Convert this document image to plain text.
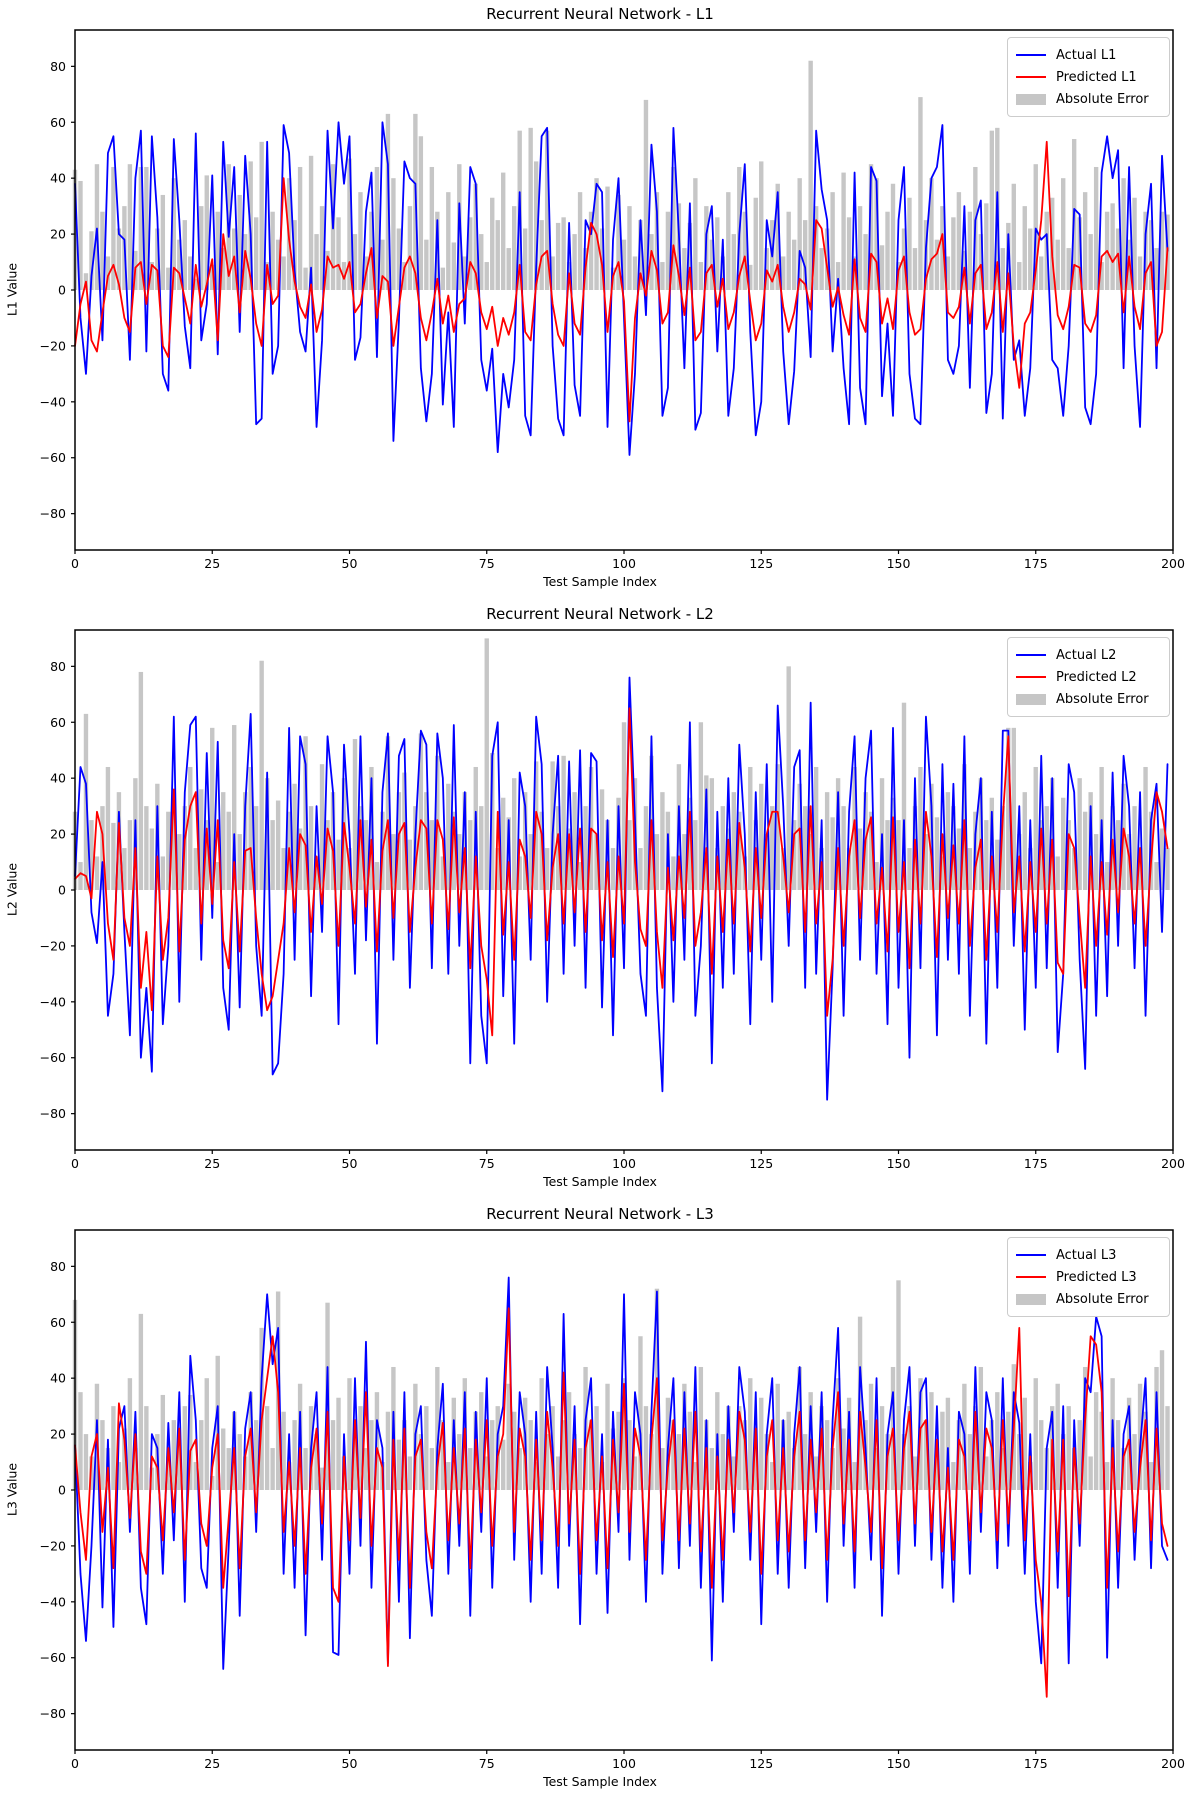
Recurrent Neural Network - L1
L1 Value
−80
−60
−40
−20
0
20
40
60
80
0	25	50	75	100	125	150	175	200
Actual L1
Predicted L1
Absolute Error
Test Sample Index
Recurrent Neural Network - L2
L2 Value
−80
−60
−40
−20
0
20
40
60
80
0	25	50	75	100	125	150	175	200
Actual L2
Predicted L2
Absolute Error
Test Sample Index
Recurrent Neural Network - L3
L3 Value
−80
−60
−40
−20
0
20
40
60
80
0	25	50	75	100	125	150	175	200
Actual L3
Predicted L3
Absolute Error
Test Sample Index
